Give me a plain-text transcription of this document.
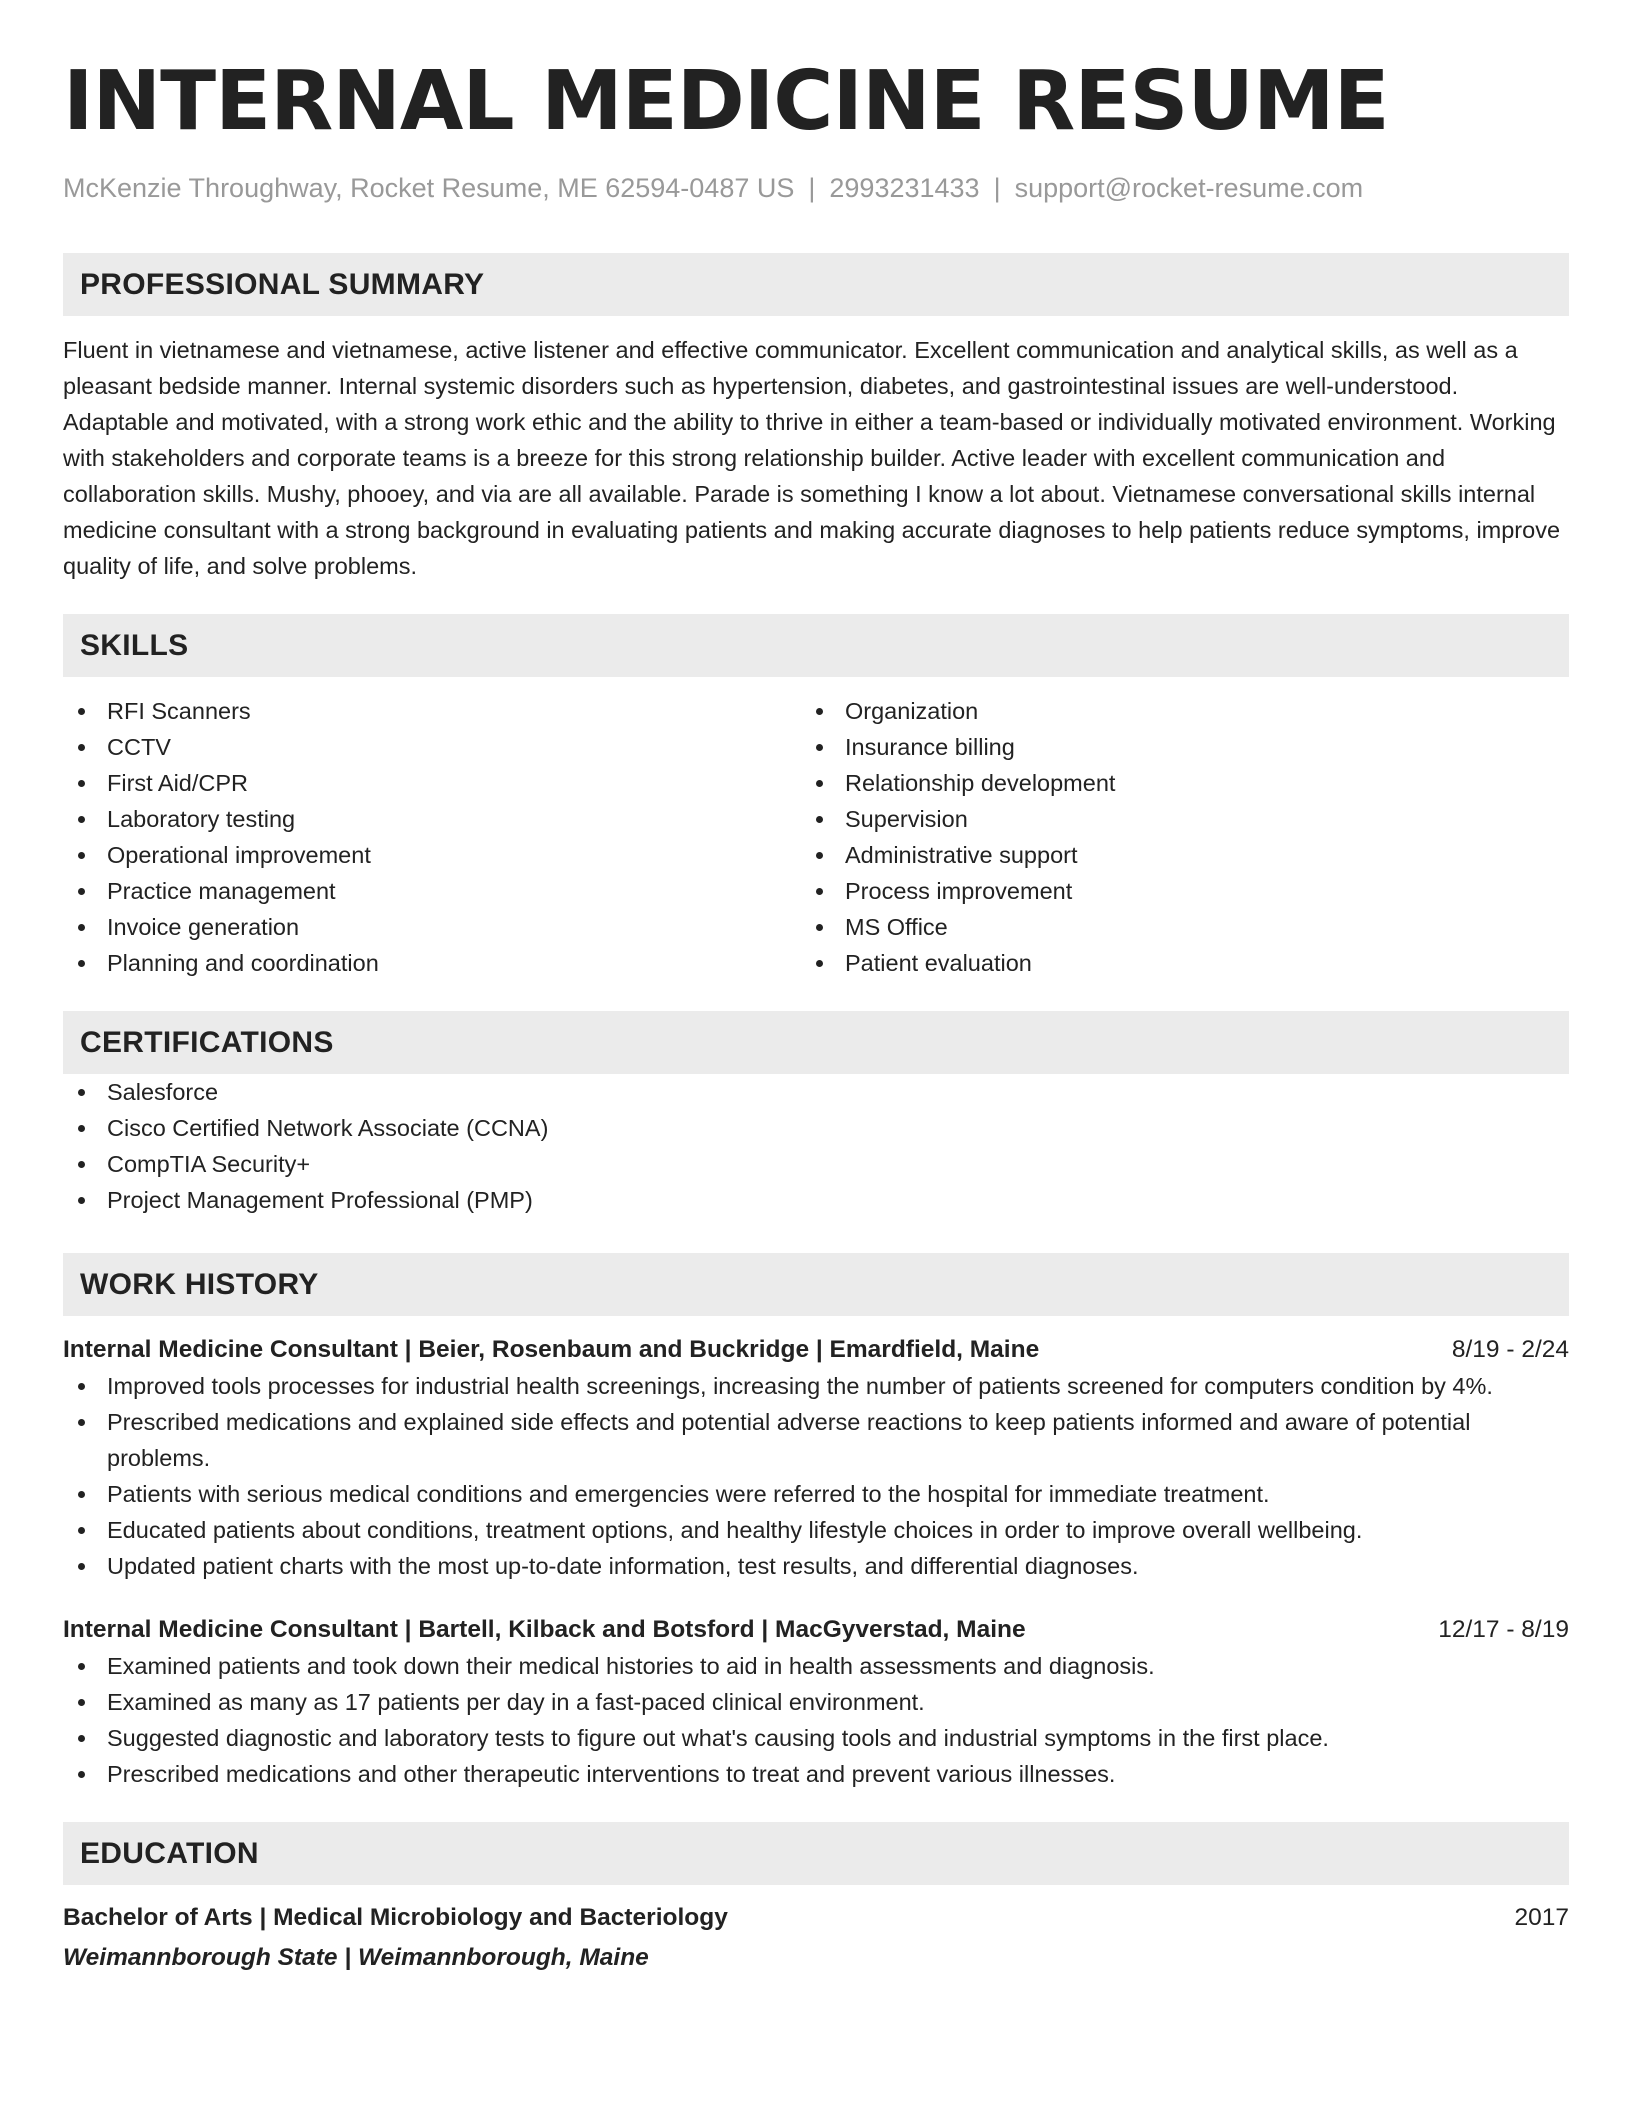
INTERNAL MEDICINE RESUME
McKenzie Throughway, Rocket Resume, ME 62594-0487 US | 2993231433 | support@rocket-resume.com
PROFESSIONAL SUMMARY

Fluent in vietnamese and vietnamese, active listener and effective communicator. Excellent communication and analytical skills, as well as a pleasant bedside manner. Internal systemic disorders such as hypertension, diabetes, and gastrointestinal issues are well-understood. Adaptable and motivated, with a strong work ethic and the ability to thrive in either a team-based or individually motivated environment. Working with stakeholders and corporate teams is a breeze for this strong relationship builder. Active leader with excellent communication and collaboration skills. Mushy, phooey, and via are all available. Parade is something I know a lot about. Vietnamese conversational skills internal medicine consultant with a strong background in evaluating patients and making accurate diagnoses to help patients reduce symptoms, improve quality of life, and solve problems.

SKILLS
RFI Scanners
CCTV
First Aid/CPR
Laboratory testing
Operational improvement
Practice management
Invoice generation
Planning and coordination
Organization
Insurance billing
Relationship development
Supervision
Administrative support
Process improvement
MS Office
Patient evaluation
CERTIFICATIONS
Salesforce
Cisco Certified Network Associate (CCNA)
CompTIA Security+
Project Management Professional (PMP)
WORK HISTORY
Internal Medicine Consultant | Beier, Rosenbaum and Buckridge | Emardfield, Maine	8/19 - 2/24
Improved tools processes for industrial health screenings, increasing the number of patients screened for computers condition by 4%.
Prescribed medications and explained side effects and potential adverse reactions to keep patients informed and aware of potential problems.
Patients with serious medical conditions and emergencies were referred to the hospital for immediate treatment.
Educated patients about conditions, treatment options, and healthy lifestyle choices in order to improve overall wellbeing.
Updated patient charts with the most up-to-date information, test results, and differential diagnoses.
Internal Medicine Consultant | Bartell, Kilback and Botsford | MacGyverstad, Maine	12/17 - 8/19
Examined patients and took down their medical histories to aid in health assessments and diagnosis.
Examined as many as 17 patients per day in a fast-paced clinical environment.
Suggested diagnostic and laboratory tests to figure out what's causing tools and industrial symptoms in the first place.
Prescribed medications and other therapeutic interventions to treat and prevent various illnesses.
EDUCATION
Bachelor of Arts | Medical Microbiology and Bacteriology	2017
Weimannborough State | Weimannborough, Maine
